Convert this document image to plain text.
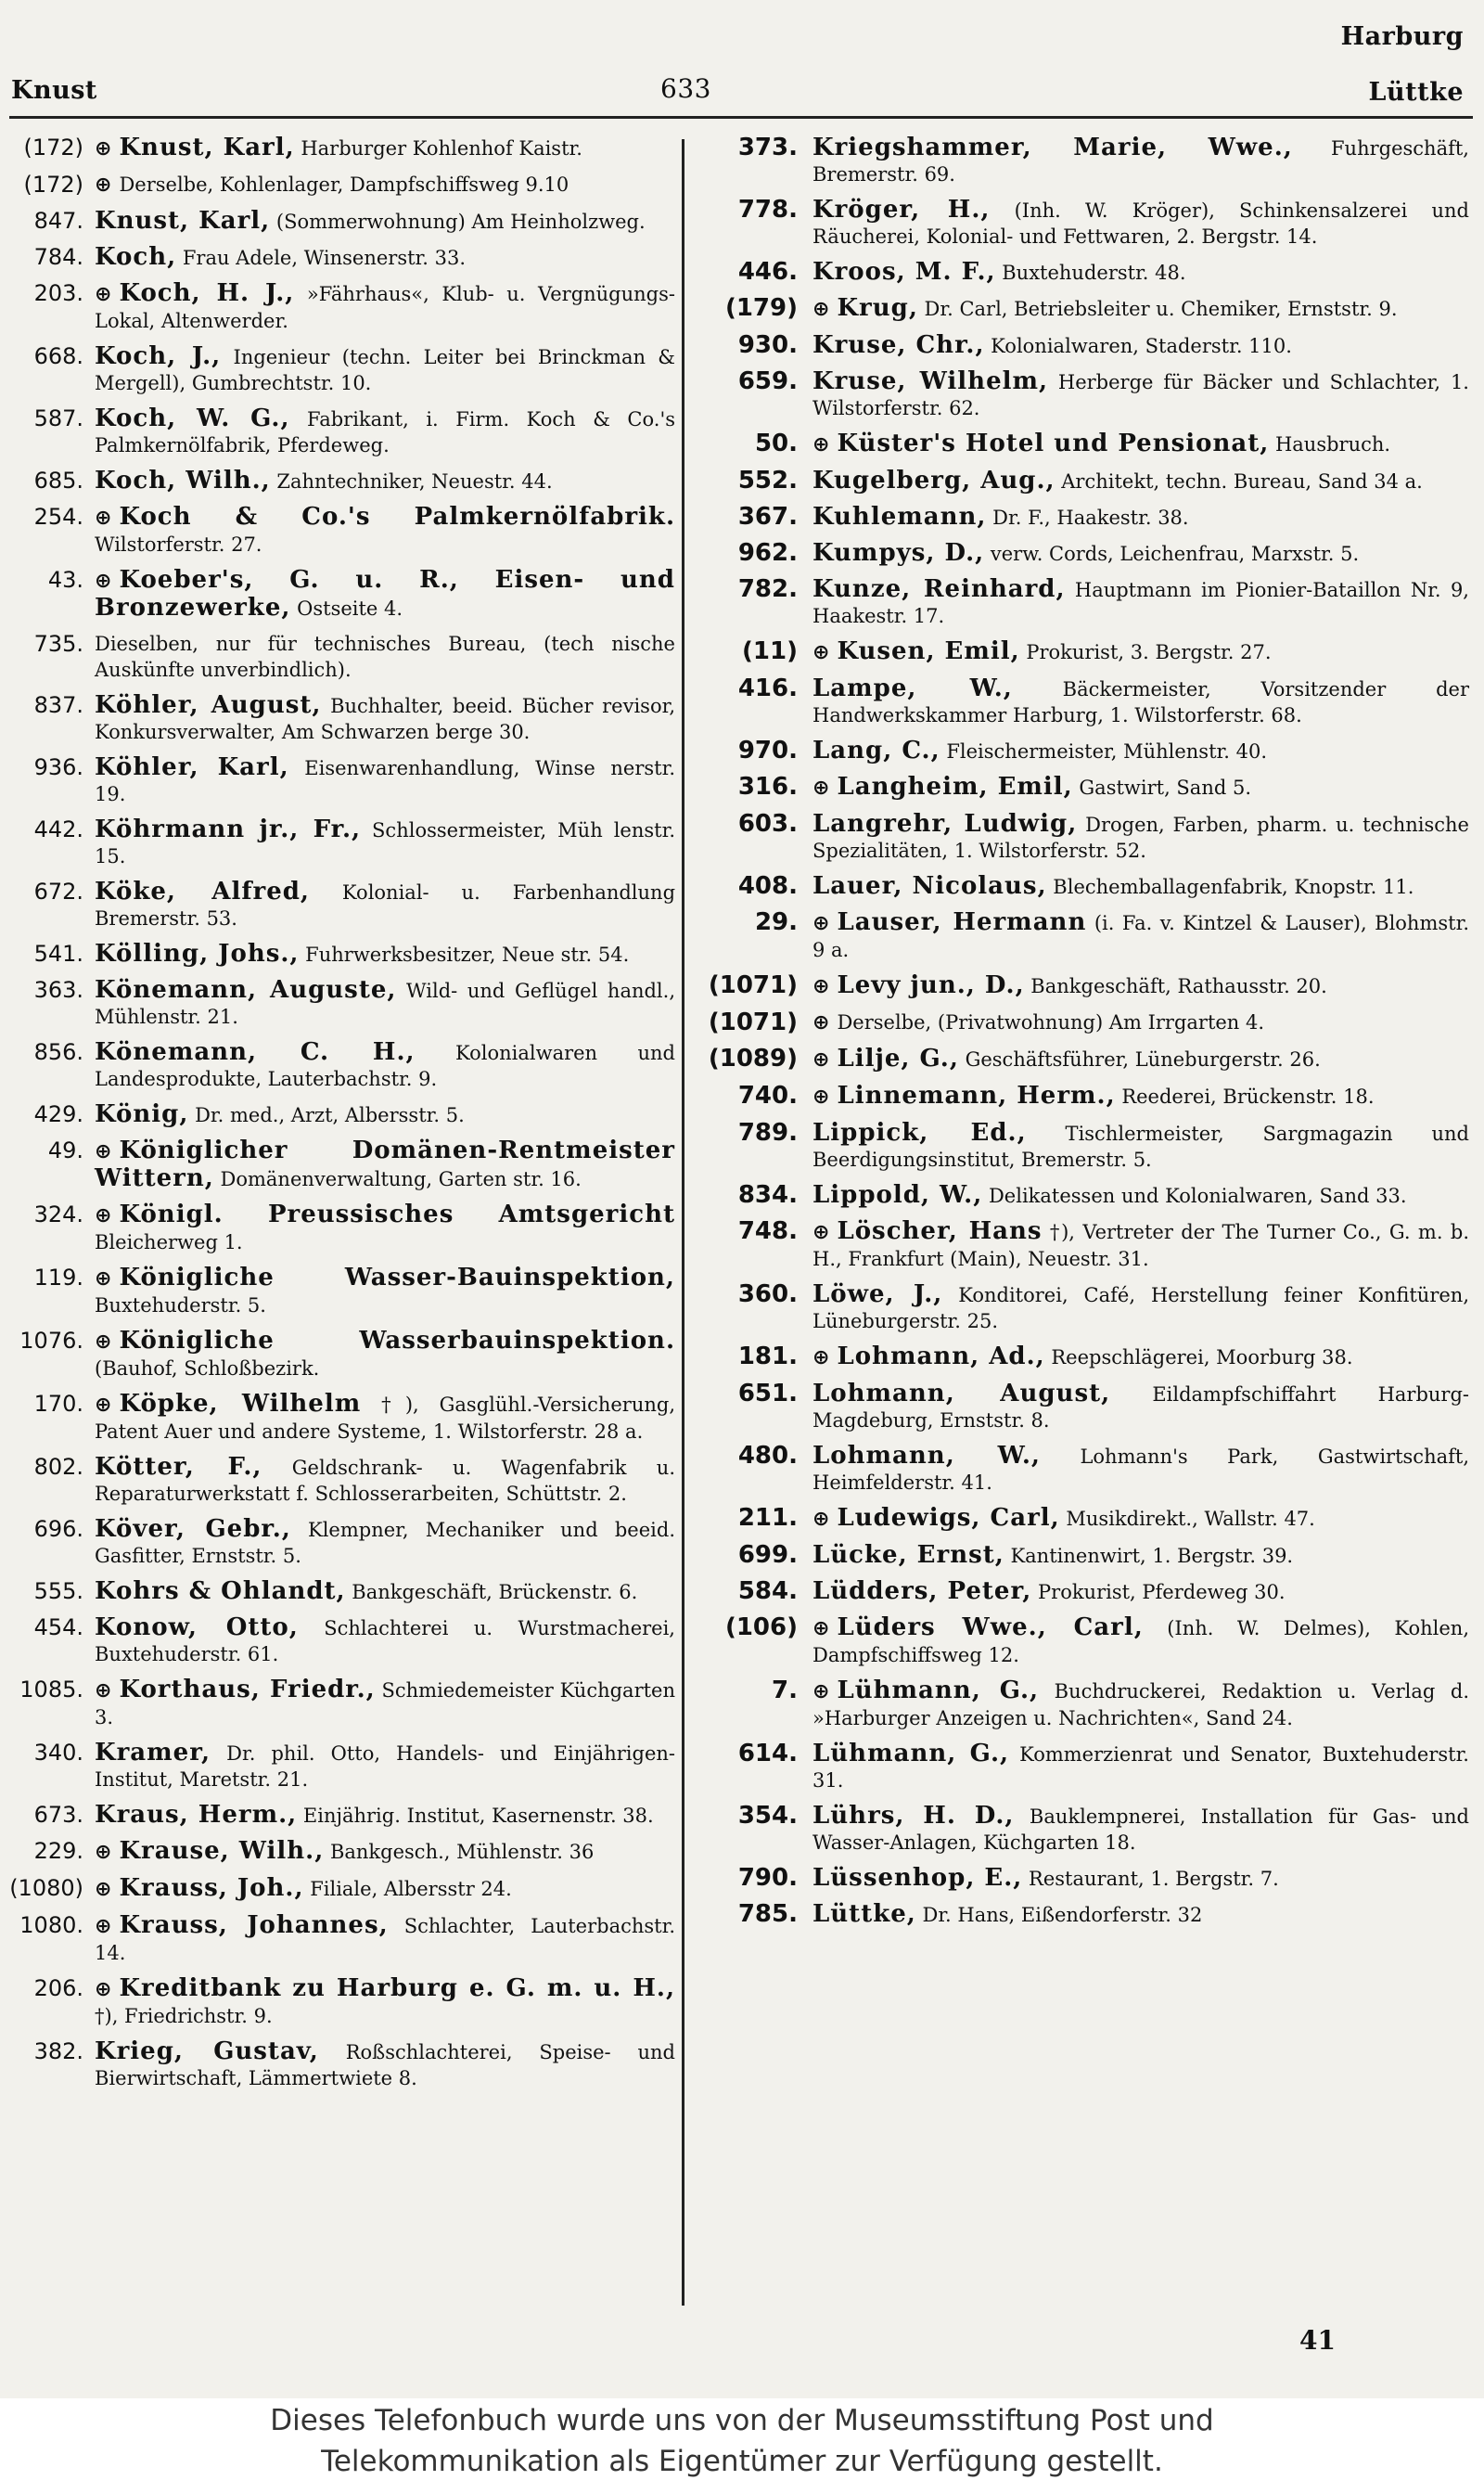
Harburg
Knust	633	Lüttke
(172) ⊕ Knust, Karl, Harburger Kohlenhof Kaistr.
(172) ⊕ Derselbe, Kohlenlager, Dampfschiffsweg 9.10
847. Knust, Karl, (Sommerwohnung) Am Heinholzweg.
784. Koch, Frau Adele, Winsenerstr. 33.
203. ⊕ Koch, H. J., »Fährhaus«, Klub- u. Vergnügungs-Lokal, Altenwerder.
668. Koch, J., Ingenieur (techn. Leiter bei Brinckman & Mergell), Gumbrechtstr. 10.
587. Koch, W. G., Fabrikant, i. Firm. Koch & Co.'s Palmkernölfabrik, Pferdeweg.
685. Koch, Wilh., Zahntechniker, Neuestr. 44.
254. ⊕ Koch & Co.'s Palmkernölfabrik. Wilstorferstr. 27.
43. ⊕ Koeber's, G. u. R., Eisen- und Bronzewerke, Ostseite 4.
735. Dieselben, nur für technisches Bureau, (tech nische Auskünfte unverbindlich).
837. Köhler, August, Buchhalter, beeid. Bücher revisor, Konkursverwalter, Am Schwarzen berge 30.
936. Köhler, Karl, Eisenwarenhandlung, Winse nerstr. 19.
442. Köhrmann jr., Fr., Schlossermeister, Müh lenstr. 15.
672. Köke, Alfred, Kolonial- u. Farbenhandlung Bremerstr. 53.
541. Kölling, Johs., Fuhrwerksbesitzer, Neue str. 54.
363. Könemann, Auguste, Wild- und Geflügel handl., Mühlenstr. 21.
856. Könemann, C. H., Kolonialwaren und Landesprodukte, Lauterbachstr. 9.
429. König, Dr. med., Arzt, Albersstr. 5.
49. ⊕ Königlicher Domänen-Rentmeister Wittern, Domänenverwaltung, Garten str. 16.
324. ⊕ Königl. Preussisches Amtsgericht Bleicherweg 1.
119. ⊕ Königliche Wasser-Bauinspektion, Buxtehuderstr. 5.
1076. ⊕ Königliche Wasserbauinspektion. (Bauhof, Schloßbezirk.
170. ⊕ Köpke, Wilhelm †), Gasglühl.-Versicherung, Patent Auer und andere Systeme, 1. Wilstorferstr. 28 a.
802. Kötter, F., Geldschrank- u. Wagenfabrik u. Reparaturwerkstatt f. Schlosserarbeiten, Schüttstr. 2.
696. Köver, Gebr., Klempner, Mechaniker und beeid. Gasfitter, Ernststr. 5.
555. Kohrs & Ohlandt, Bankgeschäft, Brückenstr. 6.
454. Konow, Otto, Schlachterei u. Wurstmacherei, Buxtehuderstr. 61.
1085. ⊕ Korthaus, Friedr., Schmiedemeister Küchgarten 3.
340. Kramer, Dr. phil. Otto, Handels- und Einjährigen-Institut, Maretstr. 21.
673. Kraus, Herm., Einjährig. Institut, Kasernenstr. 38.
229. ⊕ Krause, Wilh., Bankgesch., Mühlenstr. 36
(1080) ⊕ Krauss, Joh., Filiale, Albersstr 24.
1080. ⊕ Krauss, Johannes, Schlachter, Lauterbachstr. 14.
206. ⊕ Kreditbank zu Harburg e. G. m. u. H., †), Friedrichstr. 9.
382. Krieg, Gustav, Roßschlachterei, Speise- und Bierwirtschaft, Lämmertwiete 8.
373. Kriegshammer, Marie, Wwe., Fuhrgeschäft, Bremerstr. 69.
778. Kröger, H., (Inh. W. Kröger), Schinkensalzerei und Räucherei, Kolonial- und Fettwaren, 2. Bergstr. 14.
446. Kroos, M. F., Buxtehuderstr. 48.
(179) ⊕ Krug, Dr. Carl, Betriebsleiter u. Chemiker, Ernststr. 9.
930. Kruse, Chr., Kolonialwaren, Staderstr. 110.
659. Kruse, Wilhelm, Herberge für Bäcker und Schlachter, 1. Wilstorferstr. 62.
50. ⊕ Küster's Hotel und Pensionat, Hausbruch.
552. Kugelberg, Aug., Architekt, techn. Bureau, Sand 34 a.
367. Kuhlemann, Dr. F., Haakestr. 38.
962. Kumpys, D., verw. Cords, Leichenfrau, Marxstr. 5.
782. Kunze, Reinhard, Hauptmann im Pionier-Bataillon Nr. 9, Haakestr. 17.
(11) ⊕ Kusen, Emil, Prokurist, 3. Bergstr. 27.
416. Lampe, W., Bäckermeister, Vorsitzender der Handwerkskammer Harburg, 1. Wilstorferstr. 68.
970. Lang, C., Fleischermeister, Mühlenstr. 40.
316. ⊕ Langheim, Emil, Gastwirt, Sand 5.
603. Langrehr, Ludwig, Drogen, Farben, pharm. u. technische Spezialitäten, 1. Wilstorferstr. 52.
408. Lauer, Nicolaus, Blechemballagenfabrik, Knopstr. 11.
29. ⊕ Lauser, Hermann (i. Fa. v. Kintzel & Lauser), Blohmstr. 9 a.
(1071) ⊕ Levy jun., D., Bankgeschäft, Rathausstr. 20.
(1071) ⊕ Derselbe, (Privatwohnung) Am Irrgarten 4.
(1089) ⊕ Lilje, G., Geschäftsführer, Lüneburgerstr. 26.
740. ⊕ Linnemann, Herm., Reederei, Brückenstr. 18.
789. Lippick, Ed., Tischlermeister, Sargmagazin und Beerdigungsinstitut, Bremerstr. 5.
834. Lippold, W., Delikatessen und Kolonialwaren, Sand 33.
748. ⊕ Löscher, Hans †), Vertreter der The Turner Co., G. m. b. H., Frankfurt (Main), Neuestr. 31.
360. Löwe, J., Konditorei, Café, Herstellung feiner Konfitüren, Lüneburgerstr. 25.
181. ⊕ Lohmann, Ad., Reepschlägerei, Moorburg 38.
651. Lohmann, August, Eildampfschiffahrt Harburg-Magdeburg, Ernststr. 8.
480. Lohmann, W., Lohmann's Park, Gastwirtschaft, Heimfelderstr. 41.
211. ⊕ Ludewigs, Carl, Musikdirekt., Wallstr. 47.
699. Lücke, Ernst, Kantinenwirt, 1. Bergstr. 39.
584. Lüdders, Peter, Prokurist, Pferdeweg 30.
(106) ⊕ Lüders Wwe., Carl, (Inh. W. Delmes), Kohlen, Dampfschiffsweg 12.
7. ⊕ Lühmann, G., Buchdruckerei, Redaktion u. Verlag d. »Harburger Anzeigen u. Nachrichten«, Sand 24.
614. Lühmann, G., Kommerzienrat und Senator, Buxtehuderstr. 31.
354. Lührs, H. D., Bauklempnerei, Installation für Gas- und Wasser-Anlagen, Küchgarten 18.
790. Lüssenhop, E., Restaurant, 1. Bergstr. 7.
785. Lüttke, Dr. Hans, Eißendorferstr. 32
41
Dieses Telefonbuch wurde uns von der Museumsstiftung Post und
Telekommunikation als Eigentümer zur Verfügung gestellt.
